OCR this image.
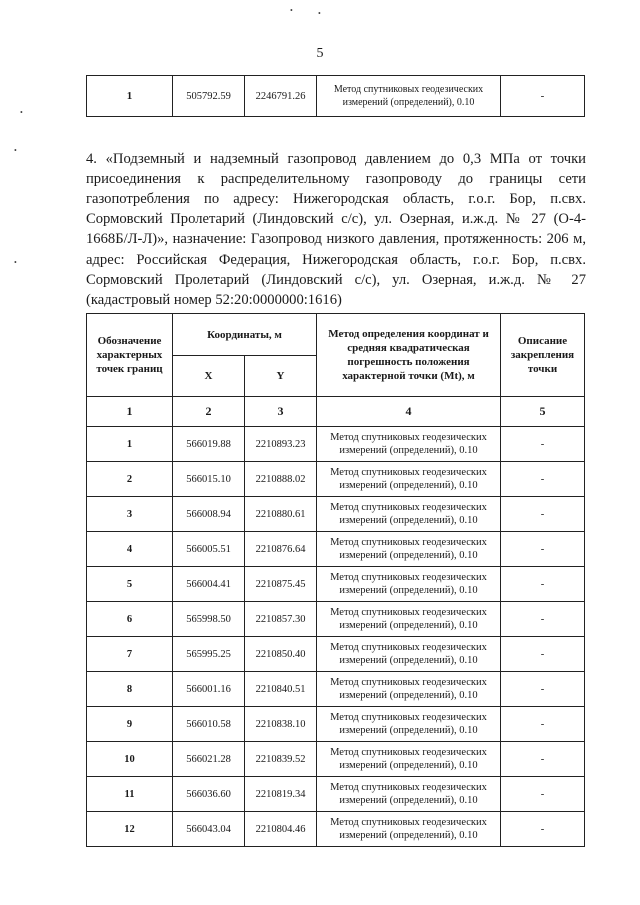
•	•
•
•
•
5
1	505792.59	2246791.26	Метод спутниковых геодезических измерений (определений), 0.10	-

4. «Подземный и надземный газопровод давлением до 0,3 МПа от точки присоединения к распределительному газопроводу до границы сети газопотребления по адресу: Нижегородская область, г.о.г. Бор, п.свх. Сормовский Пролетарий (Линдовский с/с), ул. Озерная, и.ж.д. № 27 (О-4-1668Б/Л-Л)», назначение: Газопровод низкого давления, протяженность: 206 м, адрес: Российская Федерация, Нижегородская область, г.о.г. Бор, п.свх. Сормовский Пролетарий (Линдовский с/с), ул. Озерная, и.ж.д. № 27 (кадастровый номер 52:20:0000000:1616)

Обозначение характерных точек границ	Координаты, м		Метод определения координат и средняя квадратическая погрешность положения характерной точки (Mt), м	Описание закрепления точки
	X	Y		
1	2	3	4	5
1	566019.88	2210893.23	Метод спутниковых геодезических измерений (определений), 0.10	-
2	566015.10	2210888.02	Метод спутниковых геодезических измерений (определений), 0.10	-
3	566008.94	2210880.61	Метод спутниковых геодезических измерений (определений), 0.10	-
4	566005.51	2210876.64	Метод спутниковых геодезических измерений (определений), 0.10	-
5	566004.41	2210875.45	Метод спутниковых геодезических измерений (определений), 0.10	-
6	565998.50	2210857.30	Метод спутниковых геодезических измерений (определений), 0.10	-
7	565995.25	2210850.40	Метод спутниковых геодезических измерений (определений), 0.10	-
8	566001.16	2210840.51	Метод спутниковых геодезических измерений (определений), 0.10	-
9	566010.58	2210838.10	Метод спутниковых геодезических измерений (определений), 0.10	-
10	566021.28	2210839.52	Метод спутниковых геодезических измерений (определений), 0.10	-
11	566036.60	2210819.34	Метод спутниковых геодезических измерений (определений), 0.10	-
12	566043.04	2210804.46	Метод спутниковых геодезических измерений (определений), 0.10	-
